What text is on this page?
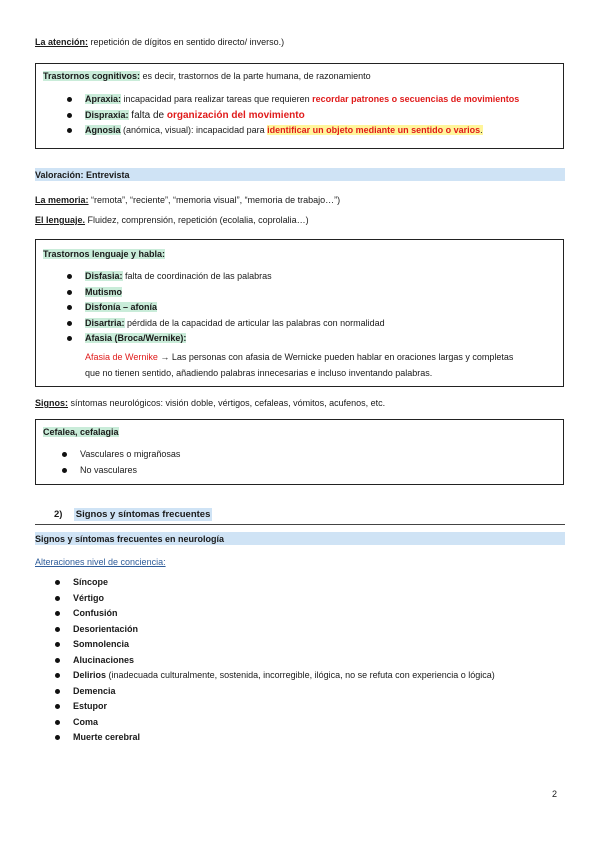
La atención: repetición de dígitos en sentido directo/ inverso.)
Trastornos cognitivos: es decir, trastornos de la parte humana, de razonamiento
Apraxia: incapacidad para realizar tareas que requieren recordar patrones o secuencias de movimientos
Dispraxia: falta de organización del movimiento
Agnosia (anómica, visual): incapacidad para identificar un objeto mediante un sentido o varios.
Valoración: Entrevista
La memoria: “remota”, “reciente”, “memoria visual”, “memoria de trabajo…”)
El lenguaje. Fluidez, comprensión, repetición (ecolalia, coprolalia…)
Trastornos lenguaje y habla:
Disfasia: falta de coordinación de las palabras
Mutismo
Disfonía – afonía
Disartria: pérdida de la capacidad de articular las palabras con normalidad
Afasia (Broca/Wernike):
Afasia de Wernike → Las personas con afasia de Wernicke pueden hablar en oraciones largas y completas
que no tienen sentido, añadiendo palabras innecesarias e incluso inventando palabras.
Signos: síntomas neurológicos: visión doble, vértigos, cefaleas, vómitos, acufenos, etc.
Cefalea, cefalagia
Vasculares o migrañosas
No vasculares
2) Signos y síntomas frecuentes
Signos y síntomas frecuentes en neurología
Alteraciones nivel de conciencia:
Síncope
Vértigo
Confusión
Desorientación
Somnolencia
Alucinaciones
Delirios (inadecuada culturalmente, sostenida, incorregible, ilógica, no se refuta con experiencia o lógica)
Demencia
Estupor
Coma
Muerte cerebral
2
